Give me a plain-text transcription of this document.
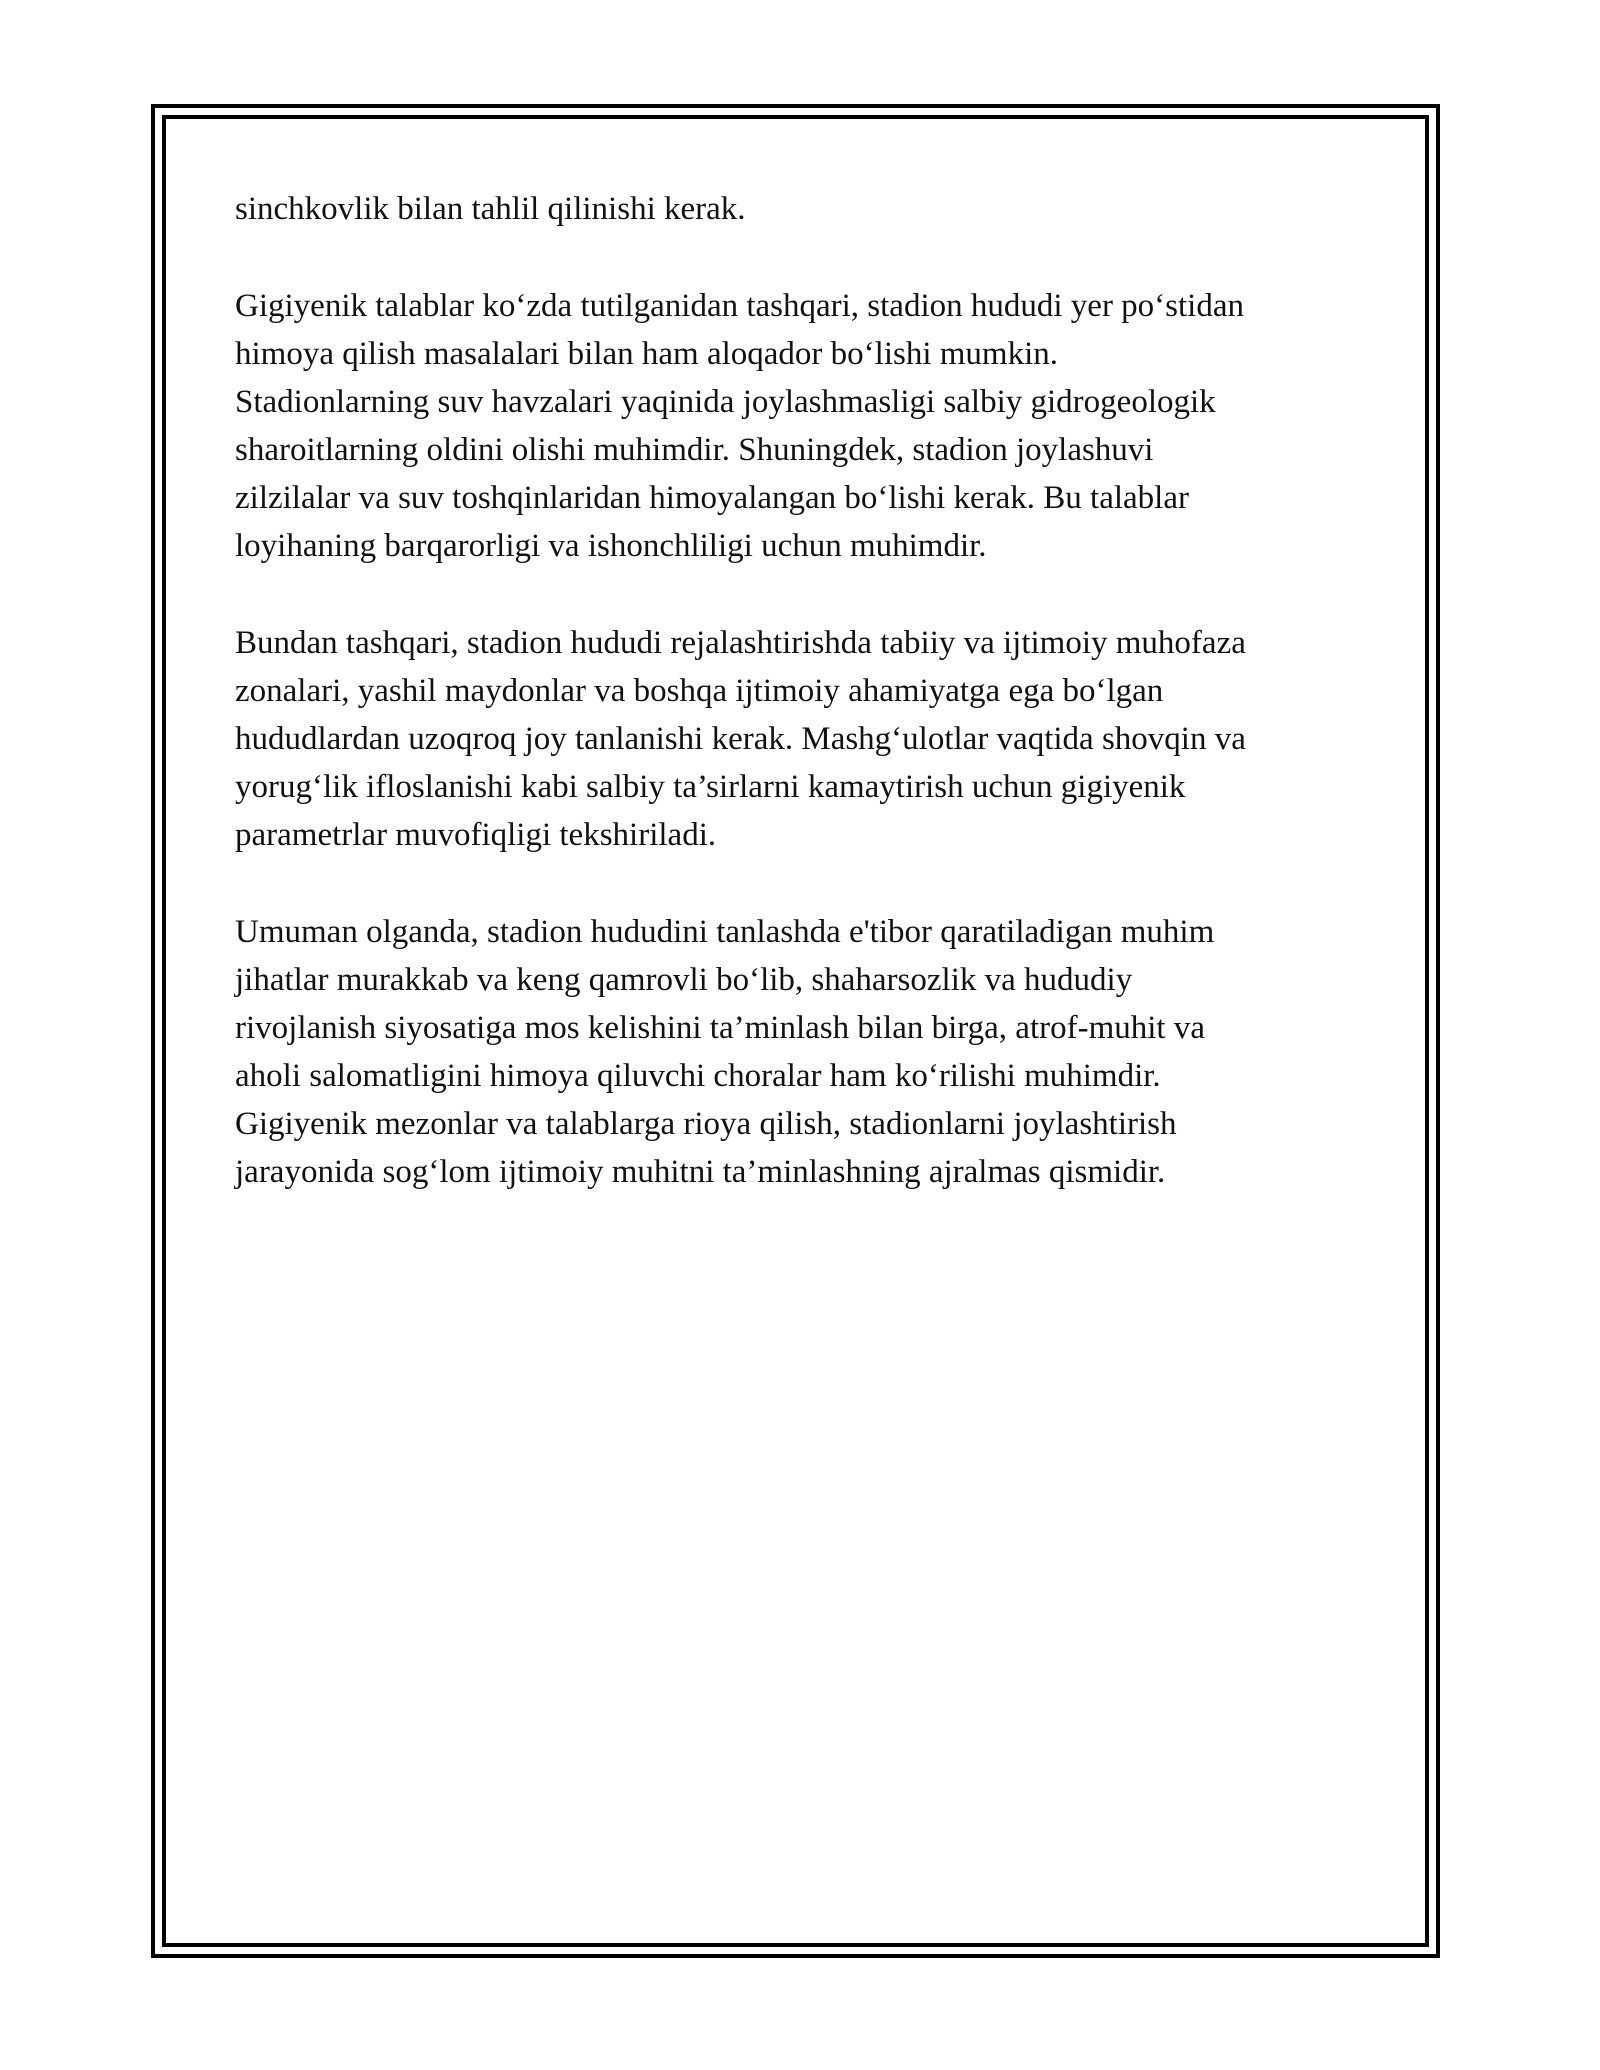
sinchkovlik bilan tahlil qilinishi kerak.

Gigiyenik talablar ko‘zda tutilganidan tashqari, stadion hududi yer po‘stidan
himoya qilish masalalari bilan ham aloqador bo‘lishi mumkin.
Stadionlarning suv havzalari yaqinida joylashmasligi salbiy gidrogeologik
sharoitlarning oldini olishi muhimdir. Shuningdek, stadion joylashuvi
zilzilalar va suv toshqinlaridan himoyalangan bo‘lishi kerak. Bu talablar
loyihaning barqarorligi va ishonchliligi uchun muhimdir.

Bundan tashqari, stadion hududi rejalashtirishda tabiiy va ijtimoiy muhofaza
zonalari, yashil maydonlar va boshqa ijtimoiy ahamiyatga ega bo‘lgan
hududlardan uzoqroq joy tanlanishi kerak. Mashg‘ulotlar vaqtida shovqin va
yorug‘lik ifloslanishi kabi salbiy ta’sirlarni kamaytirish uchun gigiyenik
parametrlar muvofiqligi tekshiriladi.

Umuman olganda, stadion hududini tanlashda e'tibor qaratiladigan muhim
jihatlar murakkab va keng qamrovli bo‘lib, shaharsozlik va hududiy
rivojlanish siyosatiga mos kelishini ta’minlash bilan birga, atrof-muhit va
aholi salomatligini himoya qiluvchi choralar ham ko‘rilishi muhimdir.
Gigiyenik mezonlar va talablarga rioya qilish, stadionlarni joylashtirish
jarayonida sog‘lom ijtimoiy muhitni ta’minlashning ajralmas qismidir.
